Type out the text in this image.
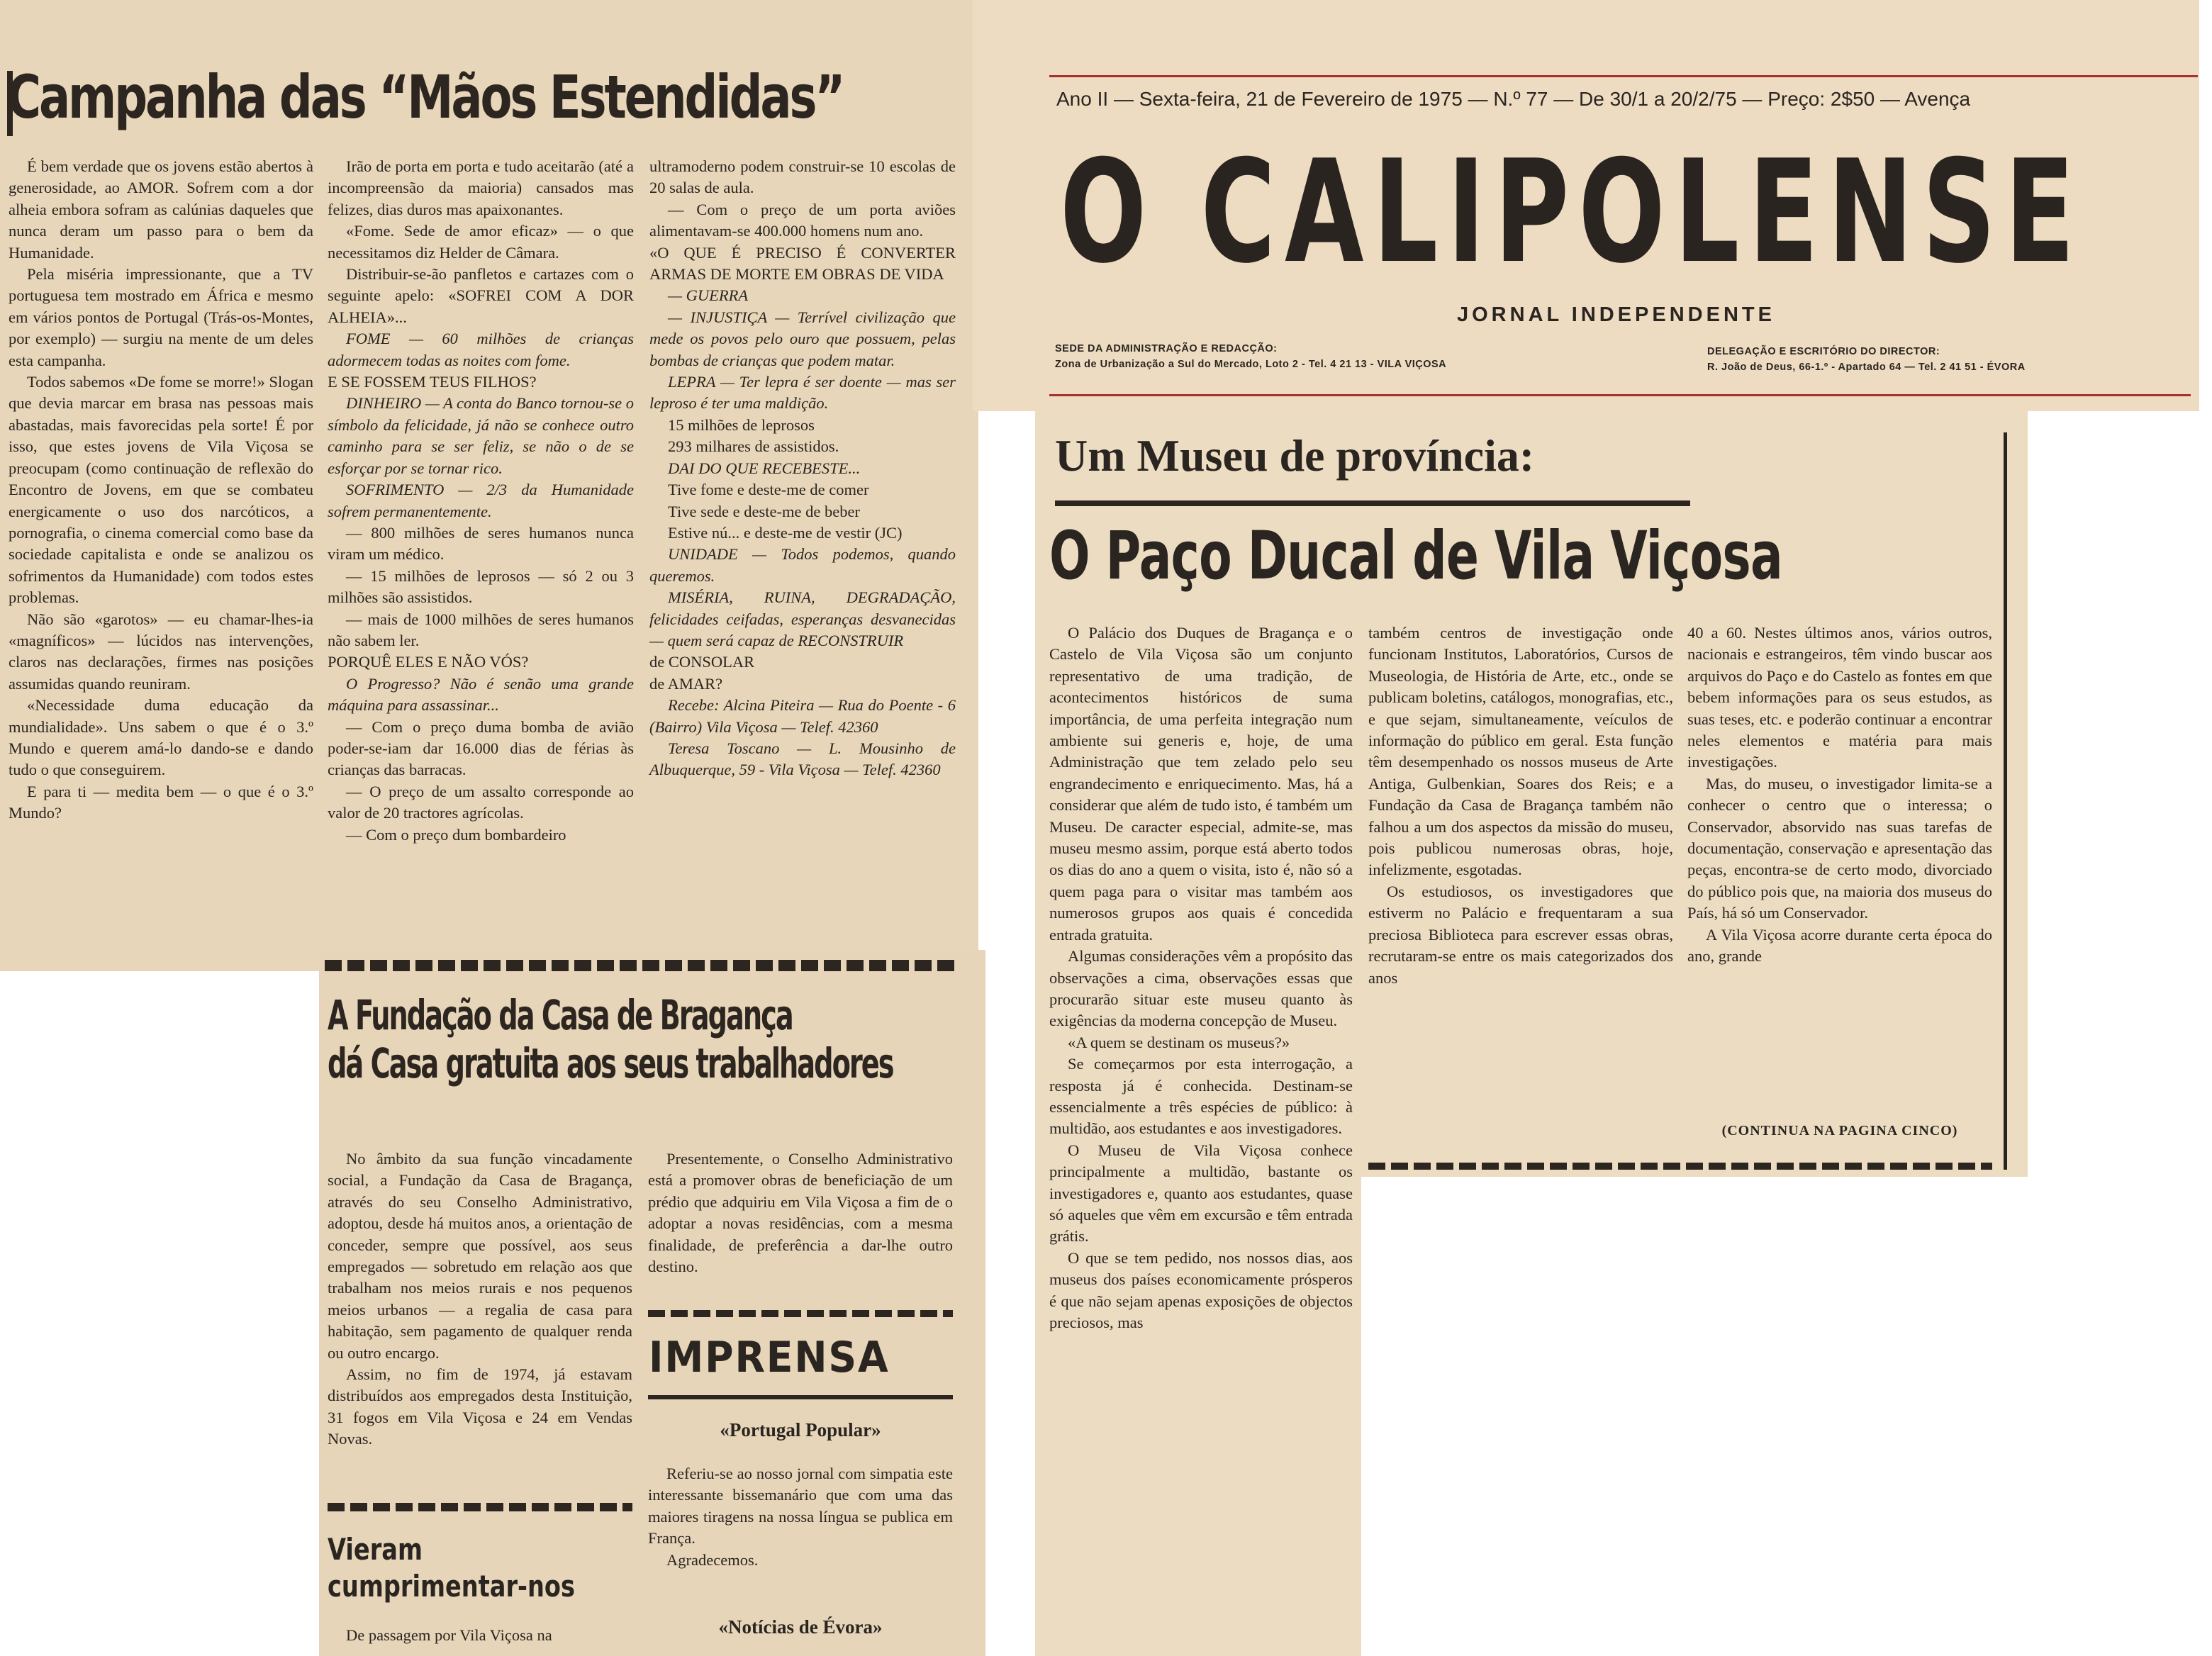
Campanha das “Mãos Estendidas”

É bem verdade que os jovens estão abertos à generosidade, ao AMOR. Sofrem com a dor alheia embora sofram as calúnias daqueles que nunca deram um passo para o bem da Humanidade.

Pela miséria impressionante, que a TV portuguesa tem mostrado em África e mesmo em vários pontos de Portugal (Trás-os-Montes, por exemplo) — surgiu na mente de um deles esta campanha.

Todos sabemos «De fome se morre!» Slogan que devia marcar em brasa nas pessoas mais abastadas, mais favorecidas pela sorte! É por isso, que estes jovens de Vila Viçosa se preocupam (como continuação de reflexão do Encontro de Jovens, em que se combateu energicamente o uso dos narcóticos, a pornografia, o cinema comercial como base da sociedade capitalista e onde se analizou os sofrimentos da Humanidade) com todos estes problemas.

Não são «garotos» — eu chamar-lhes-ia «magníficos» — lúcidos nas intervenções, claros nas declarações, firmes nas posições assumidas quando reuniram.

«Necessidade duma educação da mundialidade». Uns sabem o que é o 3.º Mundo e querem amá-lo dando-se e dando tudo o que conseguirem.

E para ti — medita bem — o que é o 3.º Mundo?

Irão de porta em porta e tudo aceitarão (até a incompreensão da maioria) cansados mas felizes, dias duros mas apaixonantes.

«Fome. Sede de amor eficaz» — o que necessitamos diz Helder de Câmara.

Distribuir-se-ão panfletos e cartazes com o seguinte apelo: «SOFREI COM A DOR ALHEIA»...

FOME — 60 milhões de crianças adormecem todas as noites com fome.

E SE FOSSEM TEUS FILHOS?

DINHEIRO — A conta do Banco tornou-se o símbolo da felicidade, já não se conhece outro caminho para se ser feliz, se não o de se esforçar por se tornar rico.

SOFRIMENTO — 2/3 da Humanidade sofrem permanentemente.

— 800 milhões de seres humanos nunca viram um médico.

— 15 milhões de leprosos — só 2 ou 3 milhões são assistidos.

— mais de 1000 milhões de seres humanos não sabem ler.

PORQUÊ ELES E NÃO VÓS?

O Progresso? Não é senão uma grande máquina para assassinar...

— Com o preço duma bomba de avião poder-se-iam dar 16.000 dias de férias às crianças das barracas.

— O preço de um assalto corresponde ao valor de 20 tractores agrícolas.

— Com o preço dum bombardeiro

ultramoderno podem construir-se 10 escolas de 20 salas de aula.

— Com o preço de um porta aviões alimentavam-se 400.000 homens num ano.

«O QUE É PRECISO É CONVERTER ARMAS DE MORTE EM OBRAS DE VIDA

— GUERRA

— INJUSTIÇA — Terrível civilização que mede os povos pelo ouro que possuem, pelas bombas de crianças que podem matar.

LEPRA — Ter lepra é ser doente — mas ser leproso é ter uma maldição.

15 milhões de leprosos

293 milhares de assistidos.

DAI DO QUE RECEBESTE...

Tive fome e deste-me de comer

Tive sede e deste-me de beber

Estive nú... e deste-me de vestir (JC)

UNIDADE — Todos podemos, quando queremos.

MISÉRIA, RUINA, DEGRADAÇÃO, felicidades ceifadas, esperanças desvanecidas — quem será capaz de RECONSTRUIR

de CONSOLAR

de AMAR?

Recebe: Alcina Piteira — Rua do Poente - 6 (Bairro) Vila Viçosa — Telef. 42360

Teresa Toscano — L. Mousinho de Albuquerque, 59 - Vila Viçosa — Telef. 42360

A Fundação da Casa de Bragança
dá Casa gratuita aos seus trabalhadores

No âmbito da sua função vincadamente social, a Fundação da Casa de Bragança, através do seu Conselho Administrativo, adoptou, desde há muitos anos, a orientação de conceder, sempre que possível, aos seus empregados — sobretudo em relação aos que trabalham nos meios rurais e nos pequenos meios urbanos — a regalia de casa para habitação, sem pagamento de qualquer renda ou outro encargo.

Assim, no fim de 1974, já estavam distribuídos aos empregados desta Instituição, 31 fogos em Vila Viçosa e 24 em Vendas Novas.

Presentemente, o Conselho Administrativo está a promover obras de beneficiação de um prédio que adquiriu em Vila Viçosa a fim de o adoptar a novas residências, com a mesma finalidade, de preferência a dar-lhe outro destino.

Vieram
cumprimentar-nos

De passagem por Vila Viçosa na

IMPRENSA
«Portugal Popular»

Referiu-se ao nosso jornal com simpatia este interessante bissemanário que com uma das maiores tiragens na nossa língua se publica em França.

Agradecemos.

«Notícias de Évora»
Ano II — Sexta-feira, 21 de Fevereiro de 1975 — N.º 77 — De 30/1 a 20/2/75 — Preço: 2$50 — Avença
O CALIPOLENSE
JORNAL INDEPENDENTE
SEDE DA ADMINISTRAÇÃO E REDACÇÃO:
Zona de Urbanização a Sul do Mercado, Loto 2 - Tel. 4 21 13 - VILA VIÇOSA
DELEGAÇÃO E ESCRITÓRIO DO DIRECTOR:
R. João de Deus, 66-1.º - Apartado 64 — Tel. 2 41 51 - ÉVORA
Um Museu de província:
O Paço Ducal de Vila Viçosa

O Palácio dos Duques de Bragança e o Castelo de Vila Viçosa são um conjunto representativo de uma tradição, de acontecimentos históricos de suma importância, de uma perfeita integração num ambiente sui generis e, hoje, de uma Administração que tem zelado pelo seu engrandecimento e enriquecimento. Mas, há a considerar que além de tudo isto, é também um Museu. De caracter especial, admite-se, mas museu mesmo assim, porque está aberto todos os dias do ano a quem o visita, isto é, não só a quem paga para o visitar mas também aos numerosos grupos aos quais é concedida entrada gratuita.

Algumas considerações vêm a propósito das observações a cima, observações essas que procurarão situar este museu quanto às exigências da moderna concepção de Museu.

«A quem se destinam os museus?»

Se começarmos por esta interrogação, a resposta já é conhecida. Destinam-se essencialmente a três espécies de público: à multidão, aos estudantes e aos investigadores.

O Museu de Vila Viçosa conhece principalmente a multidão, bastante os investigadores e, quanto aos estudantes, quase só aqueles que vêm em excursão e têm entrada grátis.

O que se tem pedido, nos nossos dias, aos museus dos países economicamente prósperos é que não sejam apenas exposições de objectos preciosos, mas

também centros de investigação onde funcionam Institutos, Laboratórios, Cursos de Museologia, de História de Arte, etc., onde se publicam boletins, catálogos, monografias, etc., e que sejam, simultaneamente, veículos de informação do público em geral. Esta função têm desempenhado os nossos museus de Arte Antiga, Gulbenkian, Soares dos Reis; e a Fundação da Casa de Bragança também não falhou a um dos aspectos da missão do museu, pois publicou numerosas obras, hoje, infelizmente, esgotadas.

Os estudiosos, os investigadores que estiverm no Palácio e frequentaram a sua preciosa Biblioteca para escrever essas obras, recrutaram-se entre os mais categorizados dos anos

40 a 60. Nestes últimos anos, vários outros, nacionais e estrangeiros, têm vindo buscar aos arquivos do Paço e do Castelo as fontes em que bebem informações para os seus estudos, as suas teses, etc. e poderão continuar a encontrar neles elementos e matéria para mais investigações.

Mas, do museu, o investigador limita-se a conhecer o centro que o interessa; o Conservador, absorvido nas suas tarefas de documentação, conservação e apresentação das peças, encontra-se de certo modo, divorciado do público pois que, na maioria dos museus do País, há só um Conservador.

A Vila Viçosa acorre durante certa época do ano, grande

(CONTINUA NA PAGINA CINCO)
